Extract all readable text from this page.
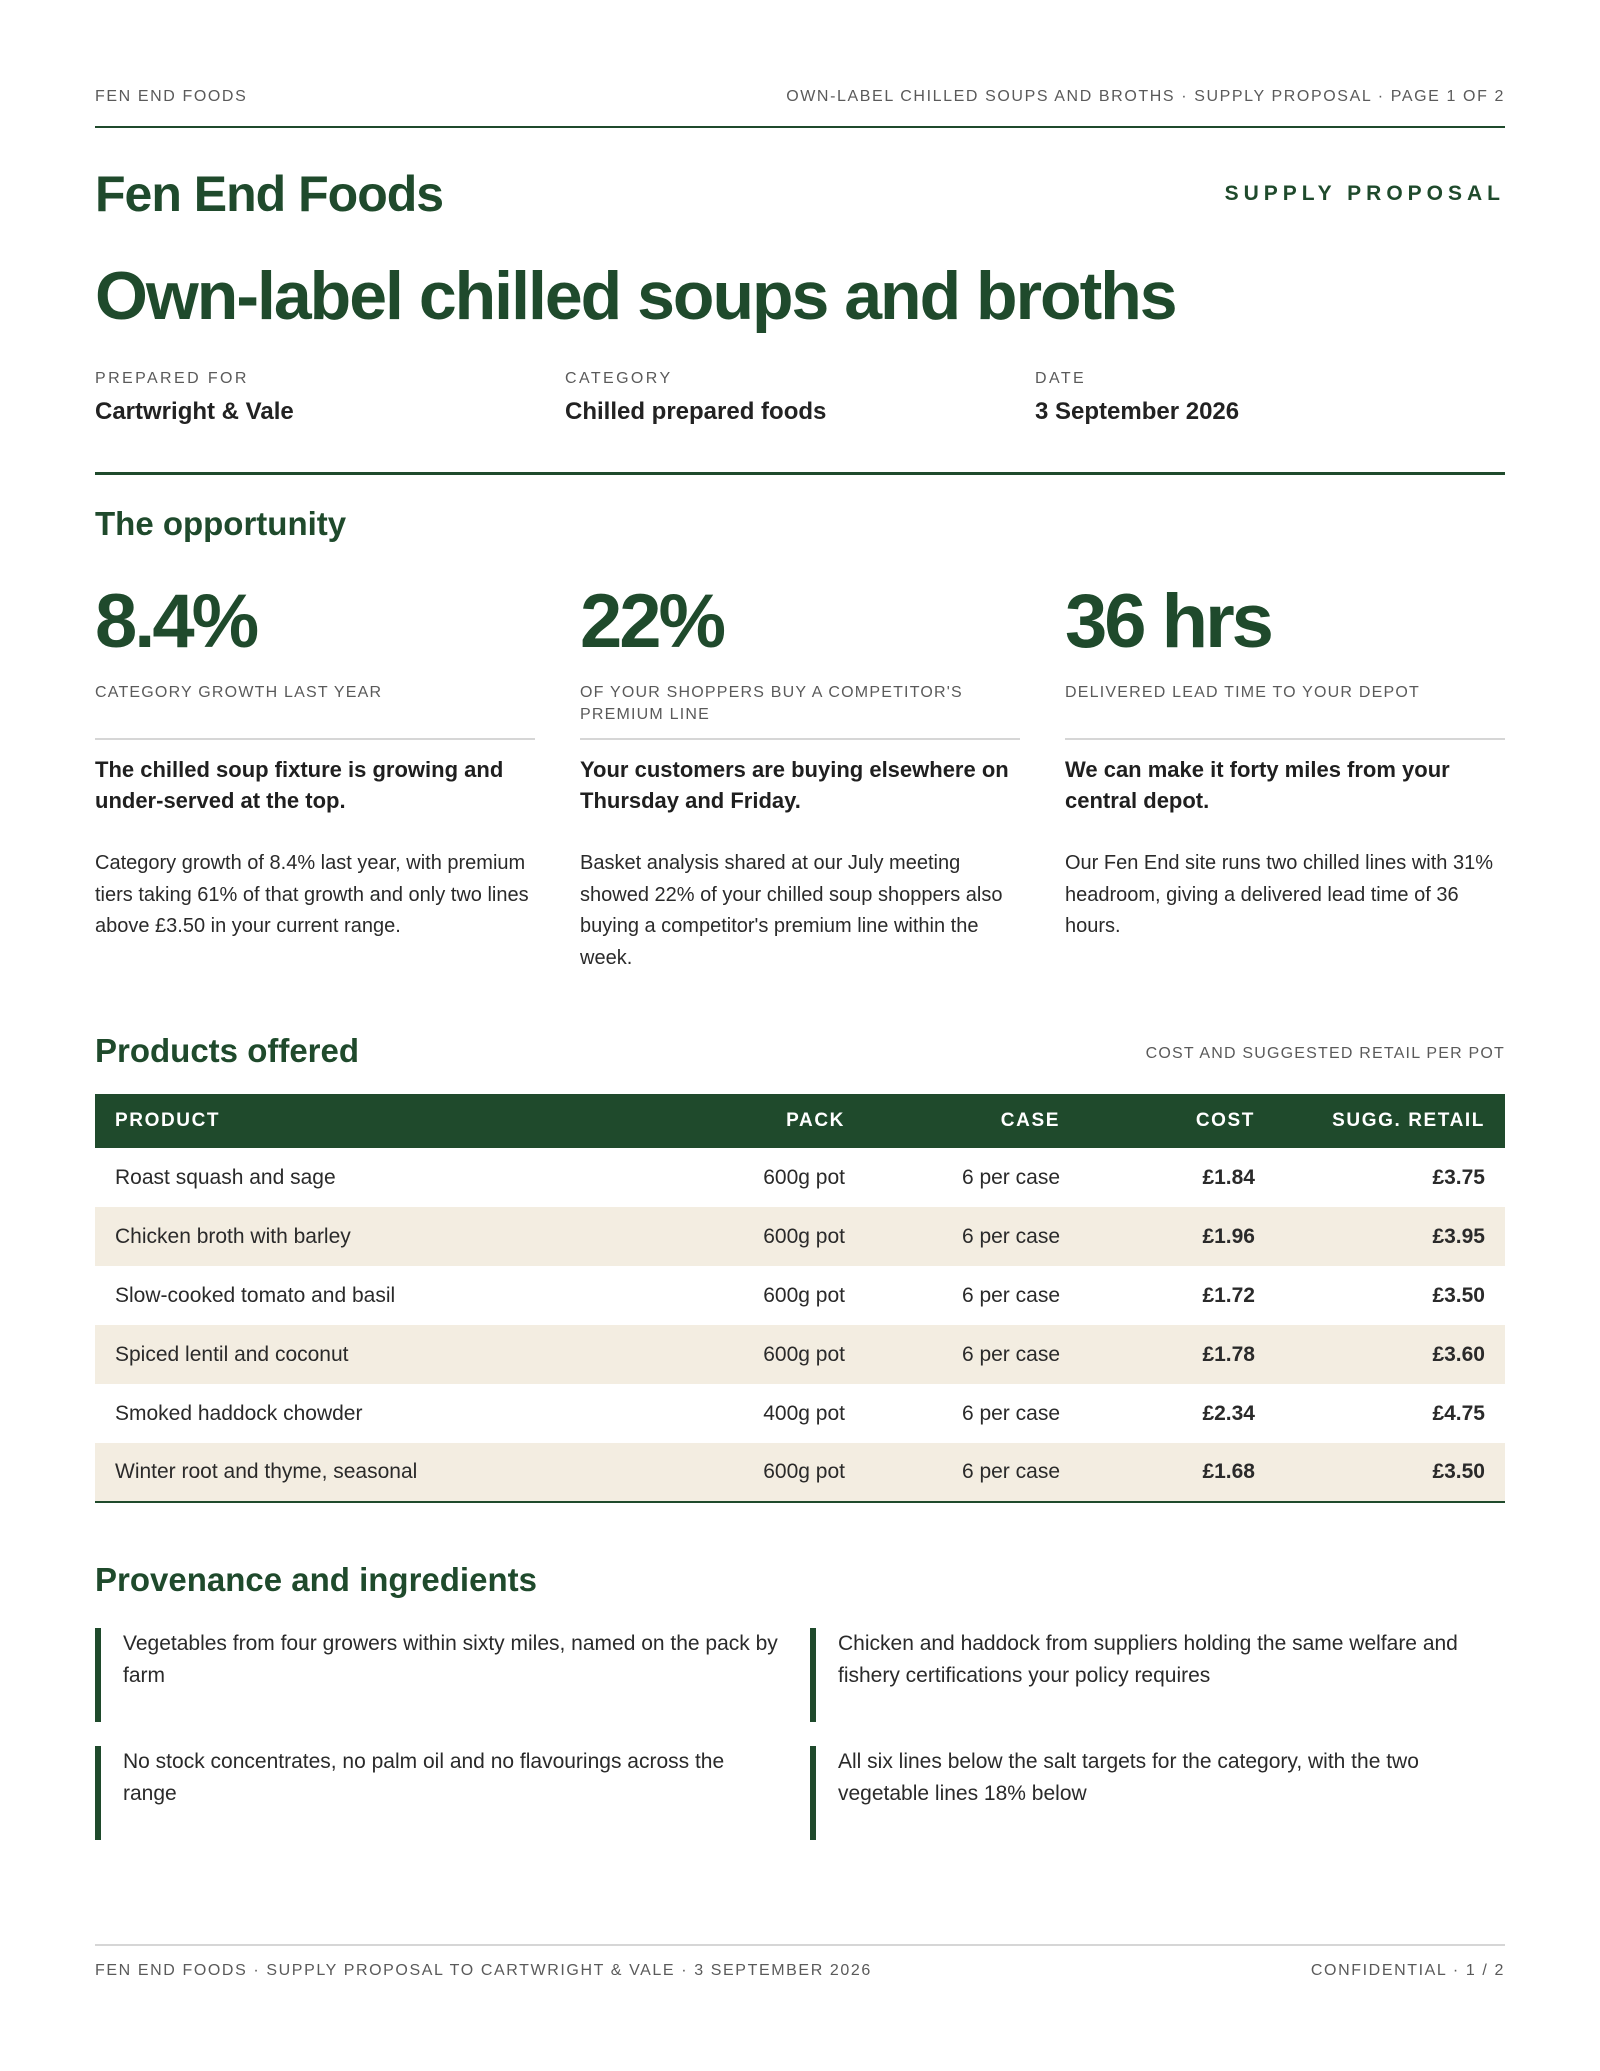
FEN END FOODS	OWN-LABEL CHILLED SOUPS AND BROTHS · SUPPLY PROPOSAL · PAGE 1 OF 2
Fen End Foods	SUPPLY PROPOSAL
Own-label chilled soups and broths
PREPARED FOR
Cartwright & Vale
CATEGORY
Chilled prepared foods
DATE
3 September 2026
The opportunity
8.4%
CATEGORY GROWTH LAST YEAR
The chilled soup fixture is growing and under-served at the top.
Category growth of 8.4% last year, with premium tiers taking 61% of that growth and only two lines above £3.50 in your current range.
22%
OF YOUR SHOPPERS BUY A COMPETITOR'S PREMIUM LINE
Your customers are buying elsewhere on Thursday and Friday.
Basket analysis shared at our July meeting showed 22% of your chilled soup shoppers also buying a competitor's premium line within the week.
36 hrs
DELIVERED LEAD TIME TO YOUR DEPOT
We can make it forty miles from your central depot.
Our Fen End site runs two chilled lines with 31% headroom, giving a delivered lead time of 36 hours.
Products offered	COST AND SUGGESTED RETAIL PER POT
PRODUCT	PACK	CASE	COST	SUGG. RETAIL
Roast squash and sage	600g pot	6 per case	£1.84	£3.75
Chicken broth with barley	600g pot	6 per case	£1.96	£3.95
Slow-cooked tomato and basil	600g pot	6 per case	£1.72	£3.50
Spiced lentil and coconut	600g pot	6 per case	£1.78	£3.60
Smoked haddock chowder	400g pot	6 per case	£2.34	£4.75
Winter root and thyme, seasonal	600g pot	6 per case	£1.68	£3.50
Provenance and ingredients
Vegetables from four growers within sixty miles, named on the pack by farm
Chicken and haddock from suppliers holding the same welfare and fishery certifications your policy requires
No stock concentrates, no palm oil and no flavourings across the range
All six lines below the salt targets for the category, with the two vegetable lines 18% below
FEN END FOODS · SUPPLY PROPOSAL TO CARTWRIGHT & VALE · 3 SEPTEMBER 2026	CONFIDENTIAL · 1 / 2
